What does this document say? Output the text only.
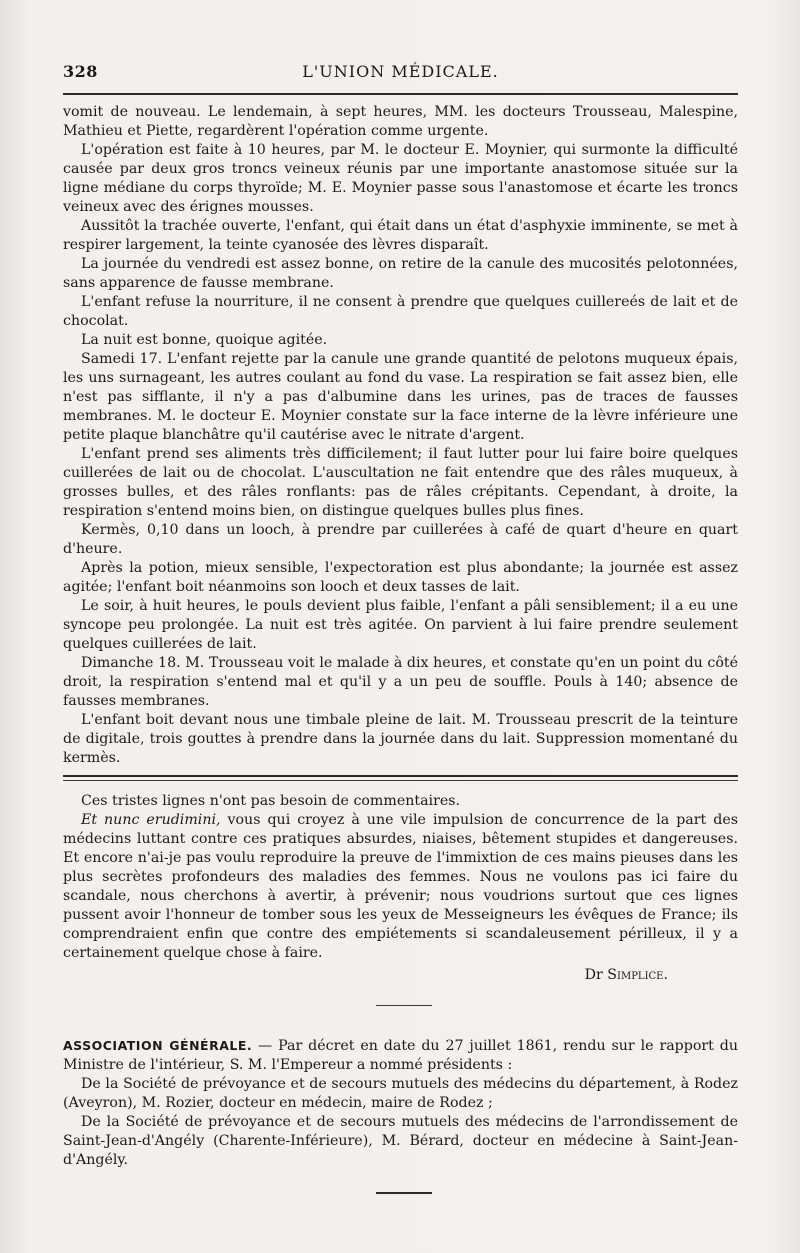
328	L'UNION MÉDICALE.

vomit de nouveau. Le lendemain, à sept heures, MM. les docteurs Trousseau, Malespine, Mathieu et Piette, regardèrent l'opération comme urgente.

L'opération est faite à 10 heures, par M. le docteur E. Moynier, qui surmonte la difficulté causée par deux gros troncs veineux réunis par une importante anastomose située sur la ligne médiane du corps thyroïde; M. E. Moynier passe sous l'anastomose et écarte les troncs veineux avec des érignes mousses.

Aussitôt la trachée ouverte, l'enfant, qui était dans un état d'asphyxie imminente, se met à respirer largement, la teinte cyanosée des lèvres disparaît.

La journée du vendredi est assez bonne, on retire de la canule des mucosités pelotonnées, sans apparence de fausse membrane.

L'enfant refuse la nourriture, il ne consent à prendre que quelques cuillereés de lait et de chocolat.

La nuit est bonne, quoique agitée.

Samedi 17. L'enfant rejette par la canule une grande quantité de pelotons muqueux épais, les uns surnageant, les autres coulant au fond du vase. La respiration se fait assez bien, elle n'est pas sifflante, il n'y a pas d'albumine dans les urines, pas de traces de fausses membranes. M. le docteur E. Moynier constate sur la face interne de la lèvre inférieure une petite plaque blanchâtre qu'il cautérise avec le nitrate d'argent.

L'enfant prend ses aliments très difficilement; il faut lutter pour lui faire boire quelques cuillerées de lait ou de chocolat. L'auscultation ne fait entendre que des râles muqueux, à grosses bulles, et des râles ronflants: pas de râles crépitants. Cependant, à droite, la respiration s'entend moins bien, on distingue quelques bulles plus fines.

Kermès, 0,10 dans un looch, à prendre par cuillerées à café de quart d'heure en quart d'heure.

Après la potion, mieux sensible, l'expectoration est plus abondante; la journée est assez agitée; l'enfant boit néanmoins son looch et deux tasses de lait.

Le soir, à huit heures, le pouls devient plus faible, l'enfant a pâli sensiblement; il a eu une syncope peu prolongée. La nuit est très agitée. On parvient à lui faire prendre seulement quelques cuillerées de lait.

Dimanche 18. M. Trousseau voit le malade à dix heures, et constate qu'en un point du côté droit, la respiration s'entend mal et qu'il y a un peu de souffle. Pouls à 140; absence de fausses membranes.

L'enfant boit devant nous une timbale pleine de lait. M. Trousseau prescrit de la teinture de digitale, trois gouttes à prendre dans la journée dans du lait. Suppression momentané du kermès.

Ces tristes lignes n'ont pas besoin de commentaires.

Et nunc erudimini, vous qui croyez à une vile impulsion de concurrence de la part des médecins luttant contre ces pratiques absurdes, niaises, bêtement stupides et dangereuses. Et encore n'ai-je pas voulu reproduire la preuve de l'immixtion de ces mains pieuses dans les plus secrètes profondeurs des maladies des femmes. Nous ne voulons pas ici faire du scandale, nous cherchons à avertir, à prévenir; nous voudrions surtout que ces lignes pussent avoir l'honneur de tomber sous les yeux de Messeigneurs les évêques de France; ils comprendraient enfin que contre des empiétements si scandaleusement périlleux, il y a certainement quelque chose à faire.

Dr Simplice.

ASSOCIATION GÉNÉRALE. — Par décret en date du 27 juillet 1861, rendu sur le rapport du Ministre de l'intérieur, S. M. l'Empereur a nommé présidents :

De la Société de prévoyance et de secours mutuels des médecins du département, à Rodez (Aveyron), M. Rozier, docteur en médecin, maire de Rodez ;

De la Société de prévoyance et de secours mutuels des médecins de l'arrondissement de Saint-Jean-d'Angély (Charente-Inférieure), M. Bérard, docteur en médecine à Saint-Jean-d'Angély.
